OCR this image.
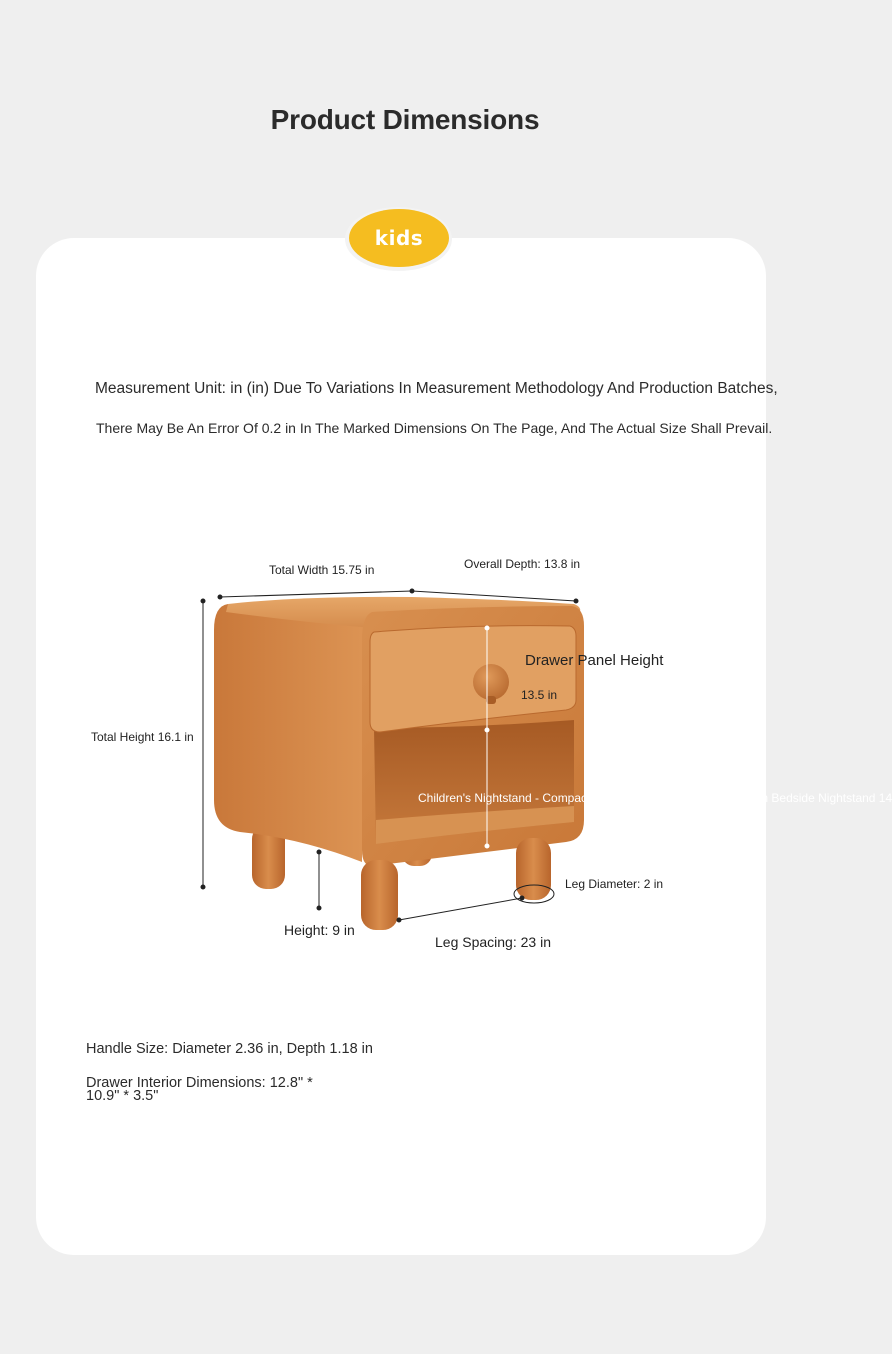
Product Dimensions
kids
Measurement Unit: in (in) Due To Variations In Measurement Methodology And Production Batches,
There May Be An Error Of 0.2 in In The Marked Dimensions On The Page, And The Actual Size Shall Prevail.
Total Width 15.75 in	Overall Depth: 13.8 in
Total Height 16.1 in
Drawer Panel Height
13.5 in
Children's Nightstand - Compact Storage Solution For Kid's Room Bedside Nightstand 14
Leg Diameter: 2 in
Height: 9 in
Leg Spacing: 23 in
Handle Size: Diameter 2.36 in, Depth 1.18 in
Drawer Interior Dimensions: 12.8" * 10.9" * 3.5"
